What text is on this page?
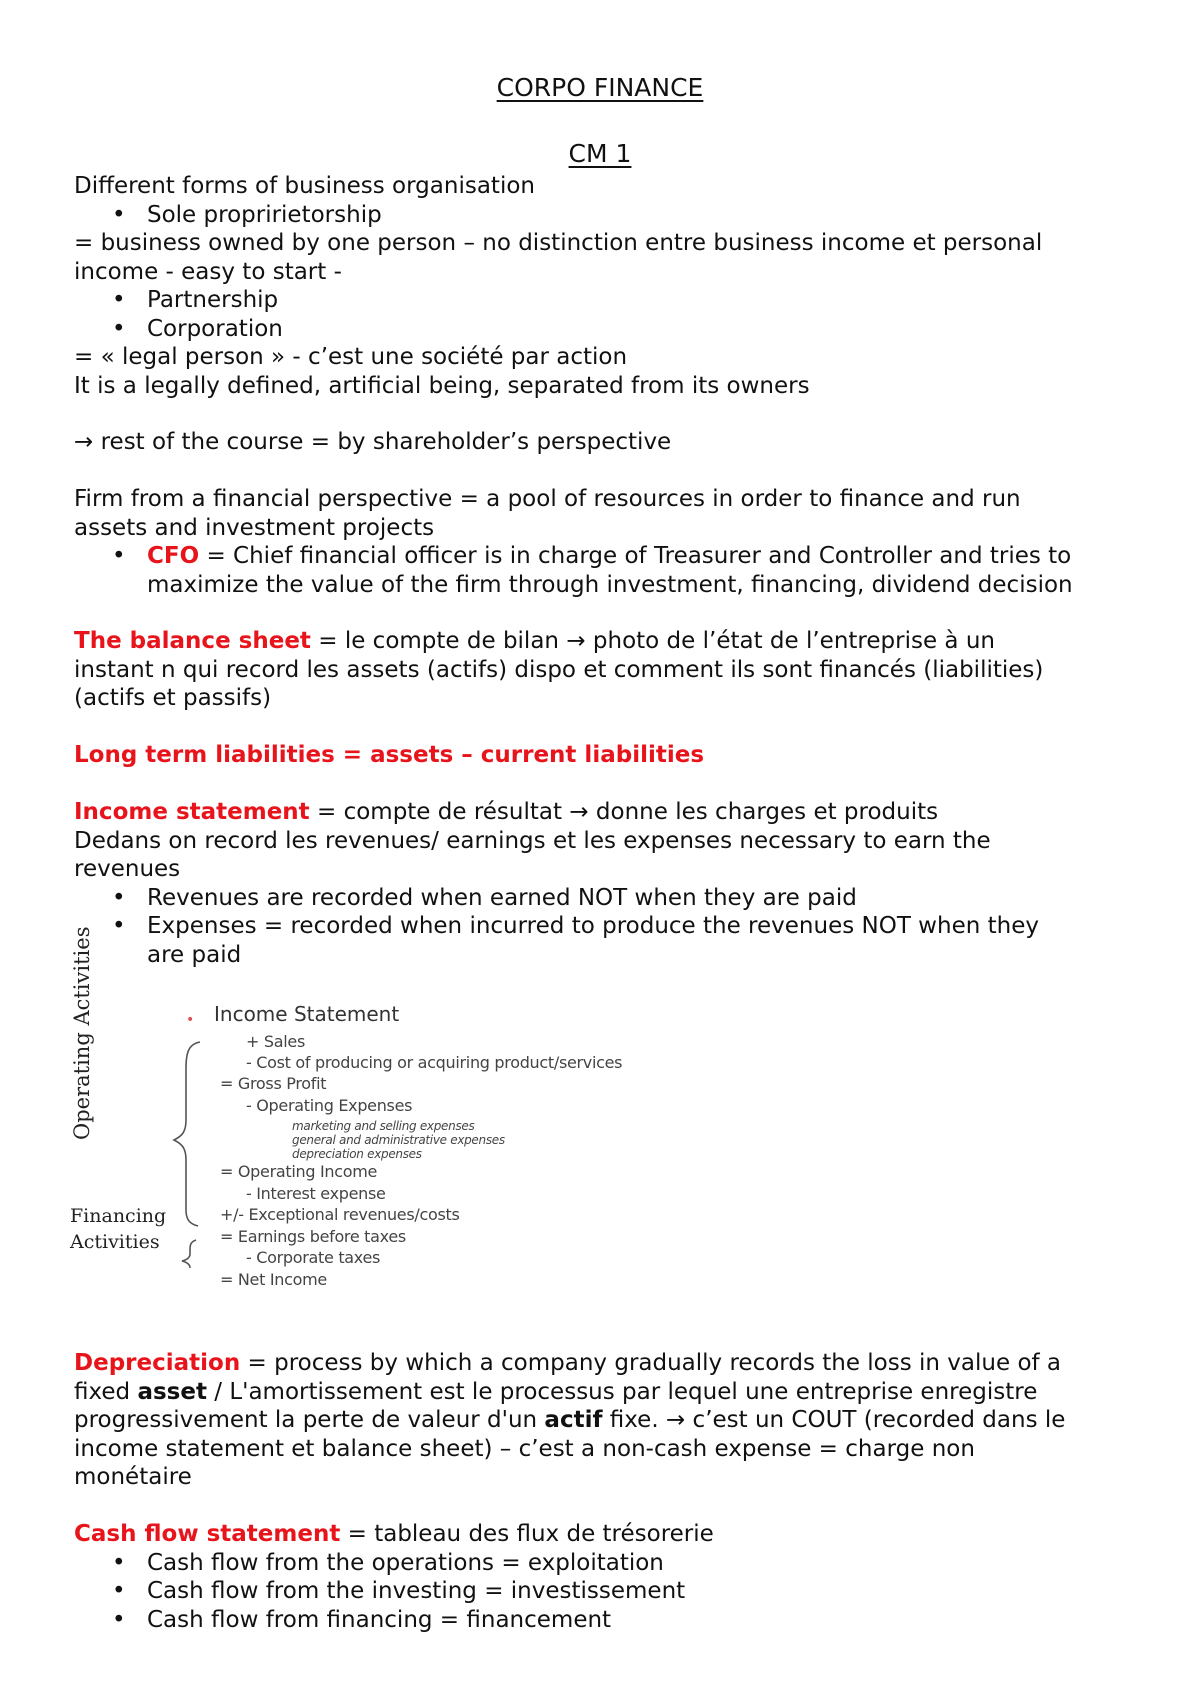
CORPO FINANCE
CM 1
Different forms of business organisation
• Sole propririetorship
= business owned by one person – no distinction entre business income et personal
income - easy to start -
• Partnership
• Corporation
= « legal person » - c’est une société par action
It is a legally defined, artificial being, separated from its owners
→ rest of the course = by shareholder’s perspective
Firm from a financial perspective = a pool of resources in order to finance and run
assets and investment projects
• CFO = Chief financial officer is in charge of Treasurer and Controller and tries to
maximize the value of the firm through investment, financing, dividend decision
The balance sheet = le compte de bilan → photo de l’état de l’entreprise à un
instant n qui record les assets (actifs) dispo et comment ils sont financés (liabilities)
(actifs et passifs)
Long term liabilities = assets – current liabilities
Income statement = compte de résultat → donne les charges et produits
Dedans on record les revenues/ earnings et les expenses necessary to earn the
revenues
• Revenues are recorded when earned NOT when they are paid
• Expenses = recorded when incurred to produce the revenues NOT when they
are paid
Operating Activities
Financing
Activities
• Income Statement
+ Sales
- Cost of producing or acquiring product/services
= Gross Profit
- Operating Expenses
marketing and selling expenses
general and administrative expenses
depreciation expenses
= Operating Income
- Interest expense
+/- Exceptional revenues/costs
= Earnings before taxes
- Corporate taxes
= Net Income
Depreciation = process by which a company gradually records the loss in value of a
fixed asset / L'amortissement est le processus par lequel une entreprise enregistre
progressivement la perte de valeur d'un actif fixe. → c’est un COUT (recorded dans le
income statement et balance sheet) – c’est a non-cash expense = charge non
monétaire
Cash flow statement = tableau des flux de trésorerie
• Cash flow from the operations = exploitation
• Cash flow from the investing = investissement
• Cash flow from financing = financement
